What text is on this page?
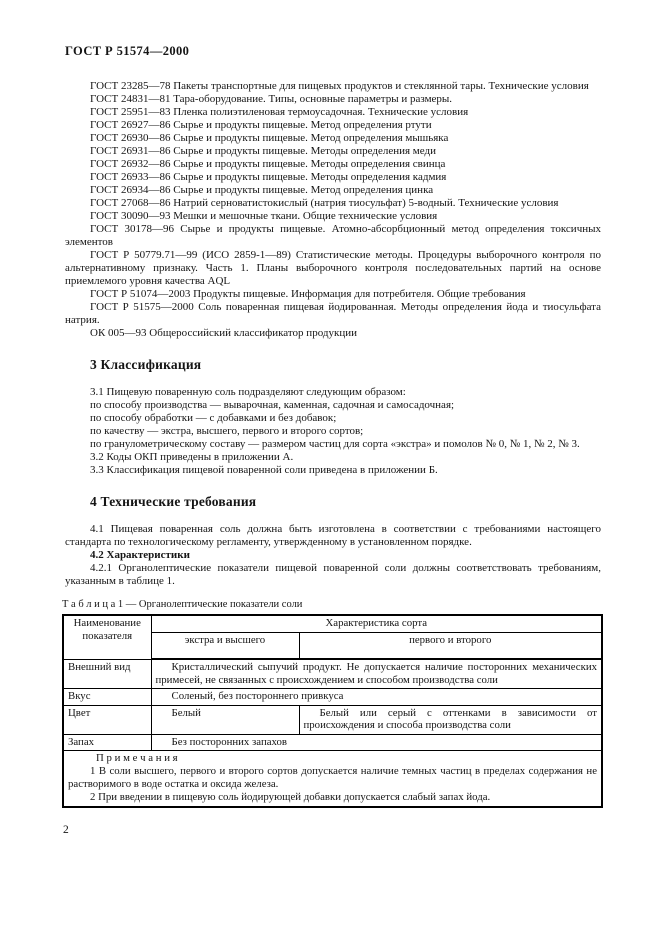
ГОСТ Р 51574—2000

ГОСТ 23285—78 Пакеты транспортные для пищевых продуктов и стеклянной тары. Технические условия

ГОСТ 24831—81 Тара-оборудование. Типы, основные параметры и размеры.

ГОСТ 25951—83 Пленка полиэтиленовая термоусадочная. Технические условия

ГОСТ 26927—86 Сырье и продукты пищевые. Метод определения ртути

ГОСТ 26930—86 Сырье и продукты пищевые. Метод определения мышьяка

ГОСТ 26931—86 Сырье и продукты пищевые. Методы определения меди

ГОСТ 26932—86 Сырье и продукты пищевые. Методы определения свинца

ГОСТ 26933—86 Сырье и продукты пищевые. Методы определения кадмия

ГОСТ 26934—86 Сырье и продукты пищевые. Метод определения цинка

ГОСТ 27068—86 Натрий серноватистокислый (натрия тиосульфат) 5-водный. Технические условия

ГОСТ 30090—93 Мешки и мешочные ткани. Общие технические условия

ГОСТ 30178—96 Сырье и продукты пищевые. Атомно-абсорбционный метод определения токсичных элементов

ГОСТ Р 50779.71—99 (ИСО 2859-1—89) Статистические методы. Процедуры выборочного контроля по альтернативному признаку. Часть 1. Планы выборочного контроля последовательных партий на основе приемлемого уровня качества AQL

ГОСТ Р 51074—2003 Продукты пищевые. Информация для потребителя. Общие требования

ГОСТ Р 51575—2000 Соль поваренная пищевая йодированная. Методы определения йода и тиосульфата натрия.

ОК 005—93 Общероссийский классификатор продукции

3 Классификация

3.1 Пищевую поваренную соль подразделяют следующим образом:

по способу производства — выварочная, каменная, садочная и самосадочная;

по способу обработки — с добавками и без добавок;

по качеству — экстра, высшего, первого и второго сортов;

по гранулометрическому составу — размером частиц для сорта «экстра» и помолов № 0, № 1, № 2, № 3.

3.2 Коды ОКП приведены в приложении А.

3.3 Классификация пищевой поваренной соли приведена в приложении Б.

4 Технические требования

4.1 Пищевая поваренная соль должна быть изготовлена в соответствии с требованиями настоящего стандарта по технологическому регламенту, утвержденному в установленном порядке.

4.2 Характеристики

4.2.1 Органолептические показатели пищевой поваренной соли должны соответствовать требованиям, указанным в таблице 1.

Т а б л и ц а 1 — Органолептические показатели соли
Наименование показателя	Характеристика сорта	
	экстра и высшего	первого и второго
Внешний вид	Кристаллический сыпучий продукт. Не допускается наличие посторонних механических примесей, не связанных с происхождением и способом производства соли	
Вкус	Соленый, без постороннего привкуса	
Цвет	Белый	Белый или серый с оттенками в зависимости от происхождения и способа производства соли
Запах	Без посторонних запахов	

П р и м е ч а н и я

1 В соли высшего, первого и второго сортов допускается наличие темных частиц в пределах содержания не растворимого в воде остатка и оксида железа.

2 При введении в пищевую соль йодирующей добавки допускается слабый запах йода.		

2
